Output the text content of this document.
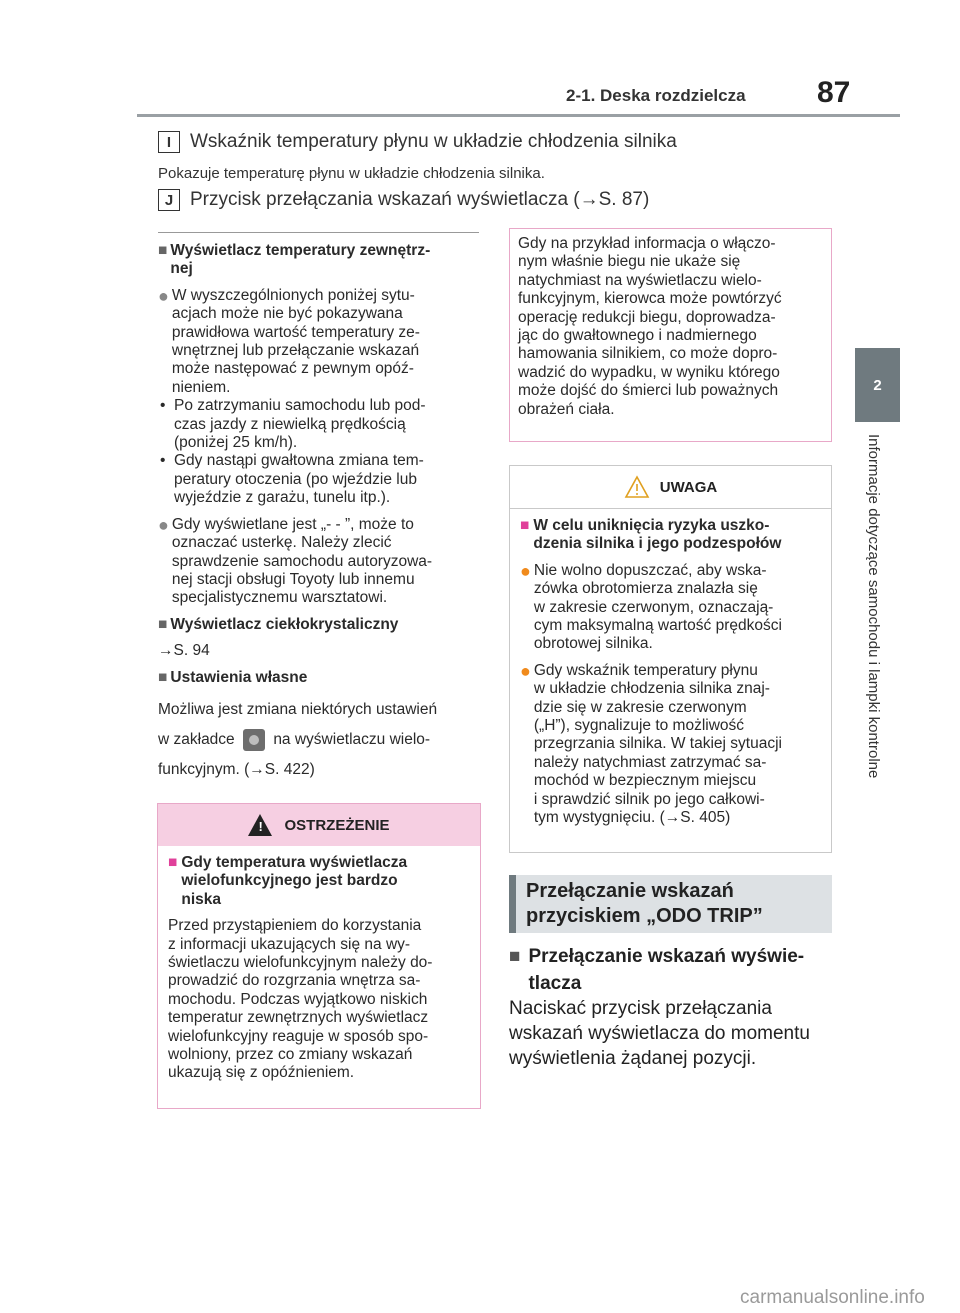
2-1. Deska rozdzielcza 87
2
Informacje dotyczące samochodu i lampki kontrolne
I Wskaźnik temperatury płynu w układzie chłodzenia silnika
Pokazuje temperaturę płynu w układzie chłodzenia silnika.
J Przycisk przełączania wskazań wyświetlacza (→S. 87)
■ Wyświetlacz temperatury zewnętrz-
nej
● W wyszczególnionych poniżej sytu-
acjach może nie być pokazywana
prawidłowa wartość temperatury ze-
wnętrznej lub przełączanie wskazań
może następować z pewnym opóź-
nieniem.
• Po zatrzymaniu samochodu lub pod-
czas jazdy z niewielką prędkością
(poniżej 25 km/h).
• Gdy nastąpi gwałtowna zmiana tem-
peratury otoczenia (po wjeździe lub
wyjeździe z garażu, tunelu itp.).
● Gdy wyświetlane jest „- - ”, może to
oznaczać usterkę. Należy zlecić
sprawdzenie samochodu autoryzowa-
nej stacji obsługi Toyoty lub innemu
specjalistycznemu warsztatowi.
■ Wyświetlacz ciekłokrystaliczny
→S. 94
■ Ustawienia własne
Możliwa jest zmiana niektórych ustawień
w zakładce na wyświetlaczu wielo-
funkcyjnym. (→S. 422)
! OSTRZEŻENIE
■ Gdy temperatura wyświetlacza
wielofunkcyjnego jest bardzo
niska
Przed przystąpieniem do korzystania
z informacji ukazujących się na wy-
świetlaczu wielofunkcyjnym należy do-
prowadzić do rozgrzania wnętrza sa-
mochodu. Podczas wyjątkowo niskich
temperatur zewnętrznych wyświetlacz
wielofunkcyjny reaguje w sposób spo-
wolniony, przez co zmiany wskazań
ukazują się z opóźnieniem.
Gdy na przykład informacja o włączo-
nym właśnie biegu nie ukaże się
natychmiast na wyświetlaczu wielo-
funkcyjnym, kierowca może powtórzyć
operację redukcji biegu, doprowadza-
jąc do gwałtownego i nadmiernego
hamowania silnikiem, co może dopro-
wadzić do wypadku, w wyniku którego
może dojść do śmierci lub poważnych
obrażeń ciała.
UWAGA
■ W celu uniknięcia ryzyka uszko-
dzenia silnika i jego podzespołów
● Nie wolno dopuszczać, aby wska-
zówka obrotomierza znalazła się
w zakresie czerwonym, oznaczają-
cym maksymalną wartość prędkości
obrotowej silnika.
● Gdy wskaźnik temperatury płynu
w układzie chłodzenia silnika znaj-
dzie się w zakresie czerwonym
(„H”), sygnalizuje to możliwość
przegrzania silnika. W takiej sytuacji
należy natychmiast zatrzymać sa-
mochód w bezpiecznym miejscu
i sprawdzić silnik po jego całkowi-
tym wystygnięciu. (→S. 405)
Przełączanie wskazań
przyciskiem „ODO TRIP”
■ Przełączanie wskazań wyświe-
tlacza
Naciskać przycisk przełączania
wskazań wyświetlacza do momentu
wyświetlenia żądanej pozycji.
carmanualsonline.info
